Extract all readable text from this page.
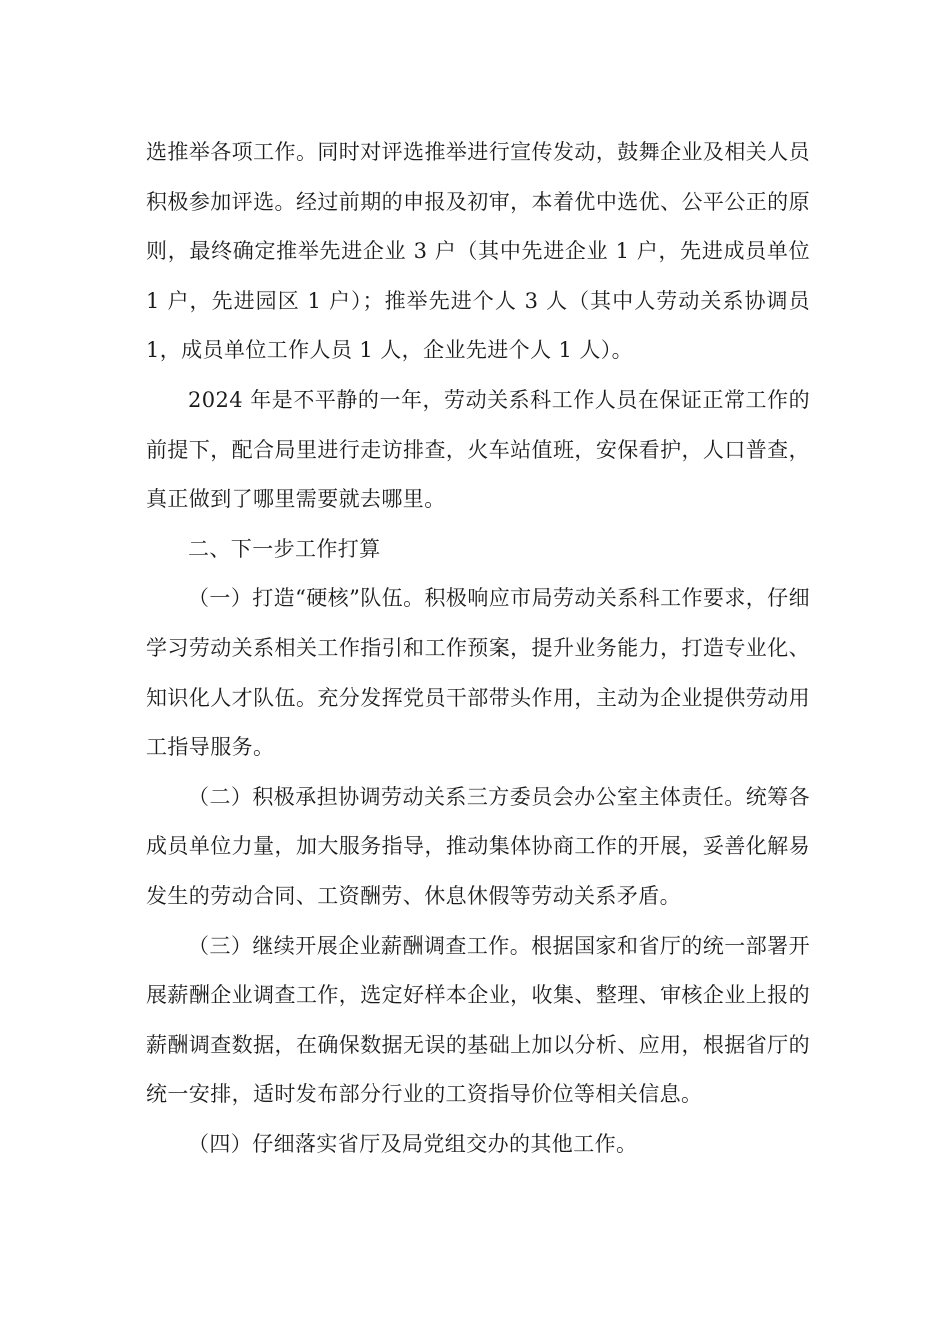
选推举各项工作。同时对评选推举进行宣传发动，鼓舞企业及相关人员积极参加评选。经过前期的申报及初审，本着优中选优、公平公正的原则，最终确定推举先进企业 3 户（其中先进企业 1 户，先进成员单位 1 户，先进园区 1 户）；推举先进个人 3 人（其中人劳动关系协调员 1，成员单位工作人员 1 人，企业先进个人 1 人）。

2024 年是不平静的一年，劳动关系科工作人员在保证正常工作的前提下，配合局里进行走访排查，火车站值班，安保看护，人口普查，真正做到了哪里需要就去哪里。

二、下一步工作打算

（一）打造“硬核”队伍。积极响应市局劳动关系科工作要求，仔细学习劳动关系相关工作指引和工作预案，提升业务能力，打造专业化、知识化人才队伍。充分发挥党员干部带头作用，主动为企业提供劳动用工指导服务。

（二）积极承担协调劳动关系三方委员会办公室主体责任。统筹各成员单位力量，加大服务指导，推动集体协商工作的开展，妥善化解易发生的劳动合同、工资酬劳、休息休假等劳动关系矛盾。

（三）继续开展企业薪酬调查工作。根据国家和省厅的统一部署开展薪酬企业调查工作，选定好样本企业，收集、整理、审核企业上报的薪酬调查数据，在确保数据无误的基础上加以分析、应用，根据省厅的统一安排，适时发布部分行业的工资指导价位等相关信息。

（四）仔细落实省厅及局党组交办的其他工作。
